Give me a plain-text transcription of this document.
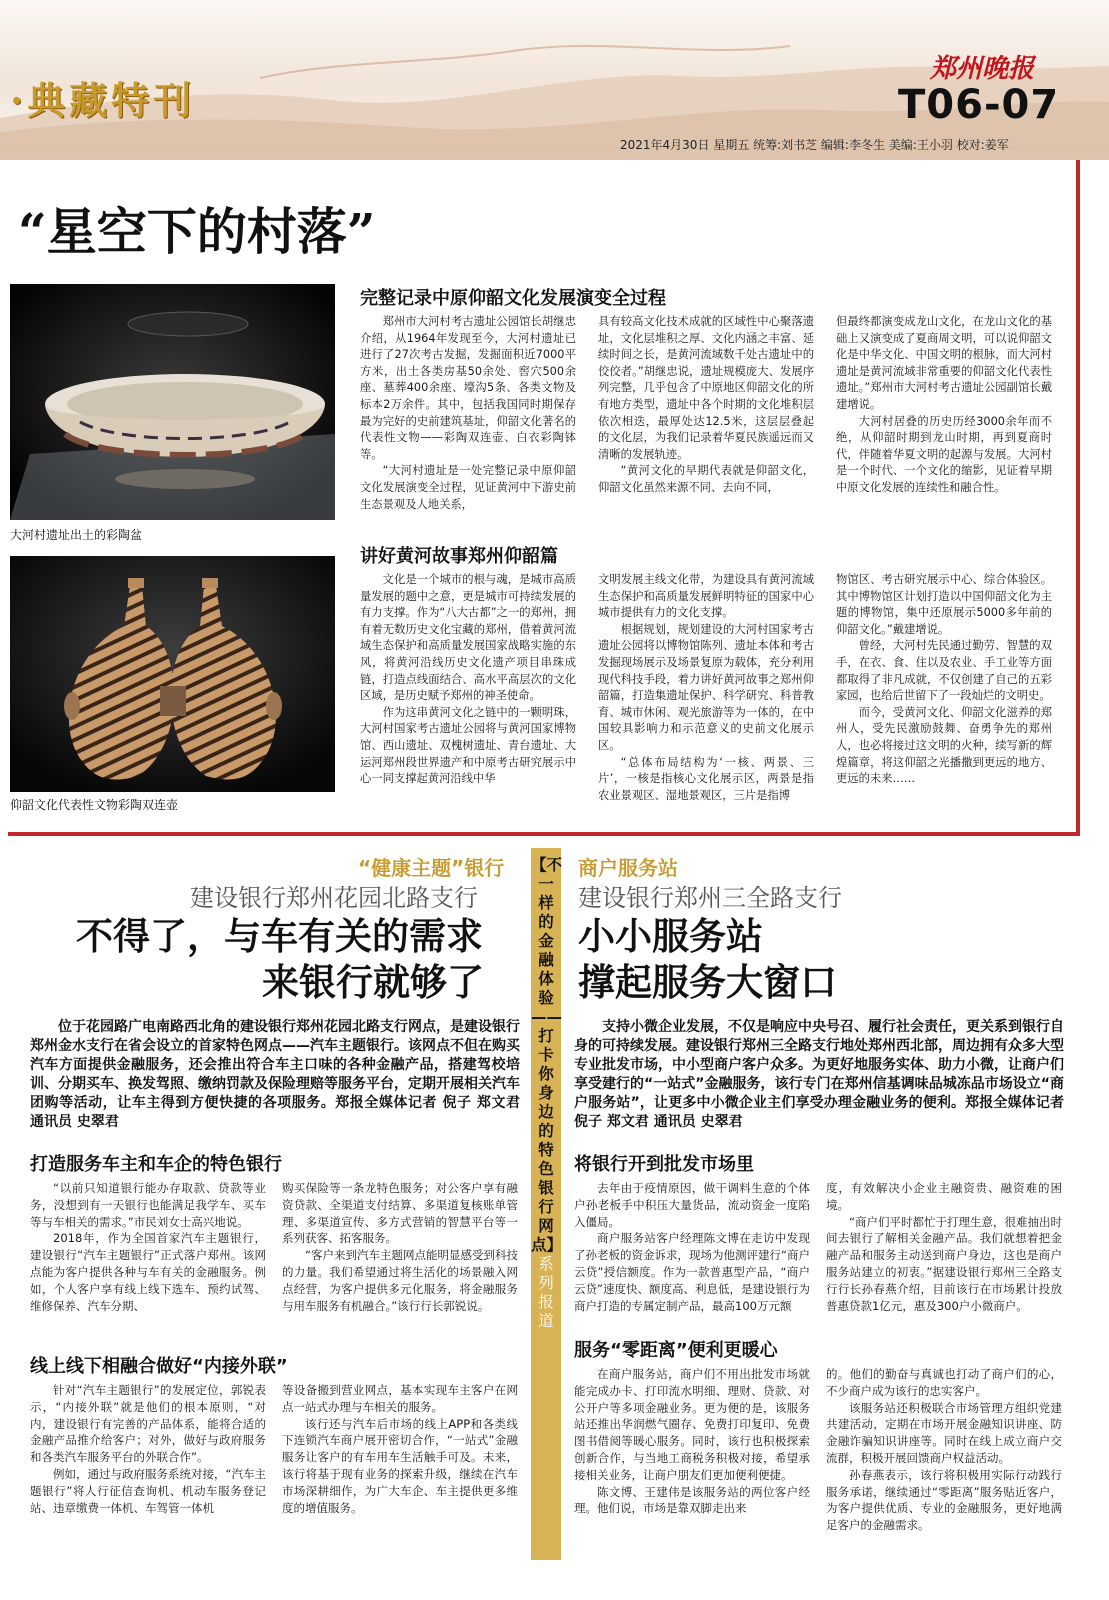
·典藏特刊
郑州晚报
T06-07
2021年4月30日 星期五 统筹:刘书芝 编辑:李冬生 美编:王小羽 校对:姜军
“星空下的村落”
大河村遗址出土的彩陶盆
仰韶文化代表性文物彩陶双连壶
完整记录中原仰韶文化发展演变全过程

郑州市大河村考古遗址公园馆长胡继忠介绍，从1964年发现至今，大河村遗址已进行了27次考古发掘，发掘面积近7000平方米，出土各类房基50余处、窖穴500余座、墓葬400余座、壕沟5条、各类文物及标本2万余件。其中，包括我国同时期保存最为完好的史前建筑基址，仰韶文化著名的代表性文物——彩陶双连壶、白衣彩陶钵等。

“大河村遗址是一处完整记录中原仰韶文化发展演变全过程，见证黄河中下游史前生态景观及人地关系，

具有较高文化技术成就的区域性中心聚落遗址，文化层堆积之厚、文化内涵之丰富、延续时间之长，是黄河流域数千处古遗址中的佼佼者。”胡继忠说，遗址规模庞大、发展序列完整，几乎包含了中原地区仰韶文化的所有地方类型，遗址中各个时期的文化堆积层依次相迭，最厚处达12.5米，这层层叠起的文化层，为我们记录着华夏民族遥远而又清晰的发展轨迹。

“黄河文化的早期代表就是仰韶文化，仰韶文化虽然来源不同、去向不同，

但最终都演变成龙山文化，在龙山文化的基础上又演变成了夏商周文明，可以说仰韶文化是中华文化、中国文明的根脉，而大河村遗址是黄河流域非常重要的仰韶文化代表性遗址。”郑州市大河村考古遗址公园副馆长戴建增说。

大河村居叠的历史历经3000余年而不绝，从仰韶时期到龙山时期，再到夏商时代，伴随着华夏文明的起源与发展。大河村是一个时代、一个文化的缩影，见证着早期中原文化发展的连续性和融合性。

讲好黄河故事郑州仰韶篇

文化是一个城市的根与魂，是城市高质量发展的题中之意，更是城市可持续发展的有力支撑。作为“八大古都”之一的郑州，拥有着无数历史文化宝藏的郑州，借着黄河流域生态保护和高质量发展国家战略实施的东风，将黄河沿线历史文化遗产项目串珠成链，打造点线面结合、高水平高层次的文化区域，是历史赋予郑州的神圣使命。

作为这串黄河文化之链中的一颗明珠，大河村国家考古遗址公园将与黄河国家博物馆、西山遗址、双槐树遗址、青台遗址、大运河郑州段世界遗产和中原考古研究展示中心一同支撑起黄河沿线中华

文明发展主线文化带，为建设具有黄河流域生态保护和高质量发展鲜明特征的国家中心城市提供有力的文化支撑。

根据规划，规划建设的大河村国家考古遗址公园将以博物馆陈列、遗址本体和考古发掘现场展示及场景复原为载体，充分利用现代科技手段，着力讲好黄河故事之郑州仰韶篇，打造集遗址保护、科学研究、科普教育、城市休闲、观光旅游等为一体的，在中国较具影响力和示范意义的史前文化展示区。

“总体布局结构为‘一核、两景、三片’，一核是指核心文化展示区，两景是指农业景观区、湿地景观区，三片是指博

物馆区、考古研究展示中心、综合体验区。其中博物馆区计划打造以中国仰韶文化为主题的博物馆，集中还原展示5000多年前的仰韶文化。”戴建增说。

曾经，大河村先民通过勤劳、智慧的双手，在衣、食、住以及农业、手工业等方面都取得了非凡成就，不仅创建了自己的五彩家园，也给后世留下了一段灿烂的文明史。

而今，受黄河文化、仰韶文化滋养的郑州人，受先民激励鼓舞、奋勇争先的郑州人，也必将接过这文明的火种，续写新的辉煌篇章，将这仰韶之光播撒到更远的地方、更远的未来……

【不一样的金融体验——打卡你身边的特色银行网点】系列报道
“健康主题”银行
建设银行郑州花园北路支行
不得了，与车有关的需求
来银行就够了

位于花园路广电南路西北角的建设银行郑州花园北路支行网点，是建设银行郑州金水支行在省会设立的首家特色网点——汽车主题银行。该网点不但在购买汽车方面提供金融服务，还会推出符合车主口味的各种金融产品，搭建驾校培训、分期买车、换发驾照、缴纳罚款及保险理赔等服务平台，定期开展相关汽车团购等活动，让车主得到方便快捷的各项服务。郑报全媒体记者 倪子 郑文君 通讯员 史翠君

打造服务车主和车企的特色银行

“以前只知道银行能办存取款、贷款等业务，没想到有一天银行也能满足我学车、买车等与车相关的需求。”市民刘女士高兴地说。

2018年，作为全国首家汽车主题银行，建设银行“汽车主题银行”正式落户郑州。该网点能为客户提供各种与车有关的金融服务。例如，个人客户享有线上线下选车、预约试驾、维修保养、汽车分期、

购买保险等一条龙特色服务；对公客户享有融资贷款、全渠道支付结算、多渠道复核账单管理、多渠道宣传、多方式营销的智慧平台等一系列获客、拓客服务。

“客户来到汽车主题网点能明显感受到科技的力量。我们希望通过将生活化的场景融入网点经营，为客户提供多元化服务，将金融服务与用车服务有机融合。”该行行长郭锐说。

线上线下相融合做好“内接外联”

针对“汽车主题银行”的发展定位，郭锐表示，“内接外联”就是他们的根本原则，“对内，建设银行有完善的产品体系，能将合适的金融产品推介给客户；对外，做好与政府服务和各类汽车服务平台的外联合作”。

例如，通过与政府服务系统对接，“汽车主题银行”将人行征信查询机、机动车服务登记站、违章缴费一体机、车驾管一体机

等设备搬到营业网点，基本实现车主客户在网点一站式办理与车相关的服务。

该行还与汽车后市场的线上APP和各类线下连锁汽车商户展开密切合作，“一站式”金融服务让客户的有车用车生活触手可及。未来，该行将基于现有业务的探索升级，继续在汽车市场深耕细作，为广大车企、车主提供更多维度的增值服务。

商户服务站
建设银行郑州三全路支行
小小服务站
撑起服务大窗口

支持小微企业发展，不仅是响应中央号召、履行社会责任，更关系到银行自身的可持续发展。建设银行郑州三全路支行地处郑州西北部，周边拥有众多大型专业批发市场，中小型商户客户众多。为更好地服务实体、助力小微，让商户们享受建行的“一站式”金融服务，该行专门在郑州信基调味品城冻品市场设立“商户服务站”，让更多中小微企业主们享受办理金融业务的便利。郑报全媒体记者 倪子 郑文君 通讯员 史翠君

将银行开到批发市场里

去年由于疫情原因，做干调料生意的个体户孙老板手中积压大量货品，流动资金一度陷入僵局。

商户服务站客户经理陈文博在走访中发现了孙老板的资金诉求，现场为他测评建行“商户云贷”授信额度。作为一款普惠型产品，“商户云贷”速度快、额度高、利息低，是建设银行为商户打造的专属定制产品，最高100万元额

度，有效解决小企业主融资贵、融资难的困境。

“商户们平时都忙于打理生意，很难抽出时间去银行了解相关金融产品。我们就想着把金融产品和服务主动送到商户身边，这也是商户服务站建立的初衷。”据建设银行郑州三全路支行行长孙春燕介绍，目前该行在市场累计投放普惠贷款1亿元，惠及300户小微商户。

服务“零距离”便利更暖心

在商户服务站，商户们不用出批发市场就能完成办卡、打印流水明细、理财、贷款、对公开户等多项金融业务。更为便的是，该服务站还推出华润燃气圈存、免费打印复印、免费图书借阅等暖心服务。同时，该行也积极探索创新合作，与当地工商税务积极对接，希望承接相关业务，让商户朋友们更加便利便捷。

陈文博、王建伟是该服务站的两位客户经理。他们说，市场是靠双脚走出来

的。他们的勤奋与真诚也打动了商户们的心，不少商户成为该行的忠实客户。

该服务站还积极联合市场管理方组织党建共建活动，定期在市场开展金融知识讲座、防金融诈骗知识讲座等。同时在线上成立商户交流群，积极开展回馈商户权益活动。

孙春燕表示，该行将积极用实际行动践行服务承诺，继续通过“零距离”服务贴近客户，为客户提供优质、专业的金融服务，更好地满足客户的金融需求。
